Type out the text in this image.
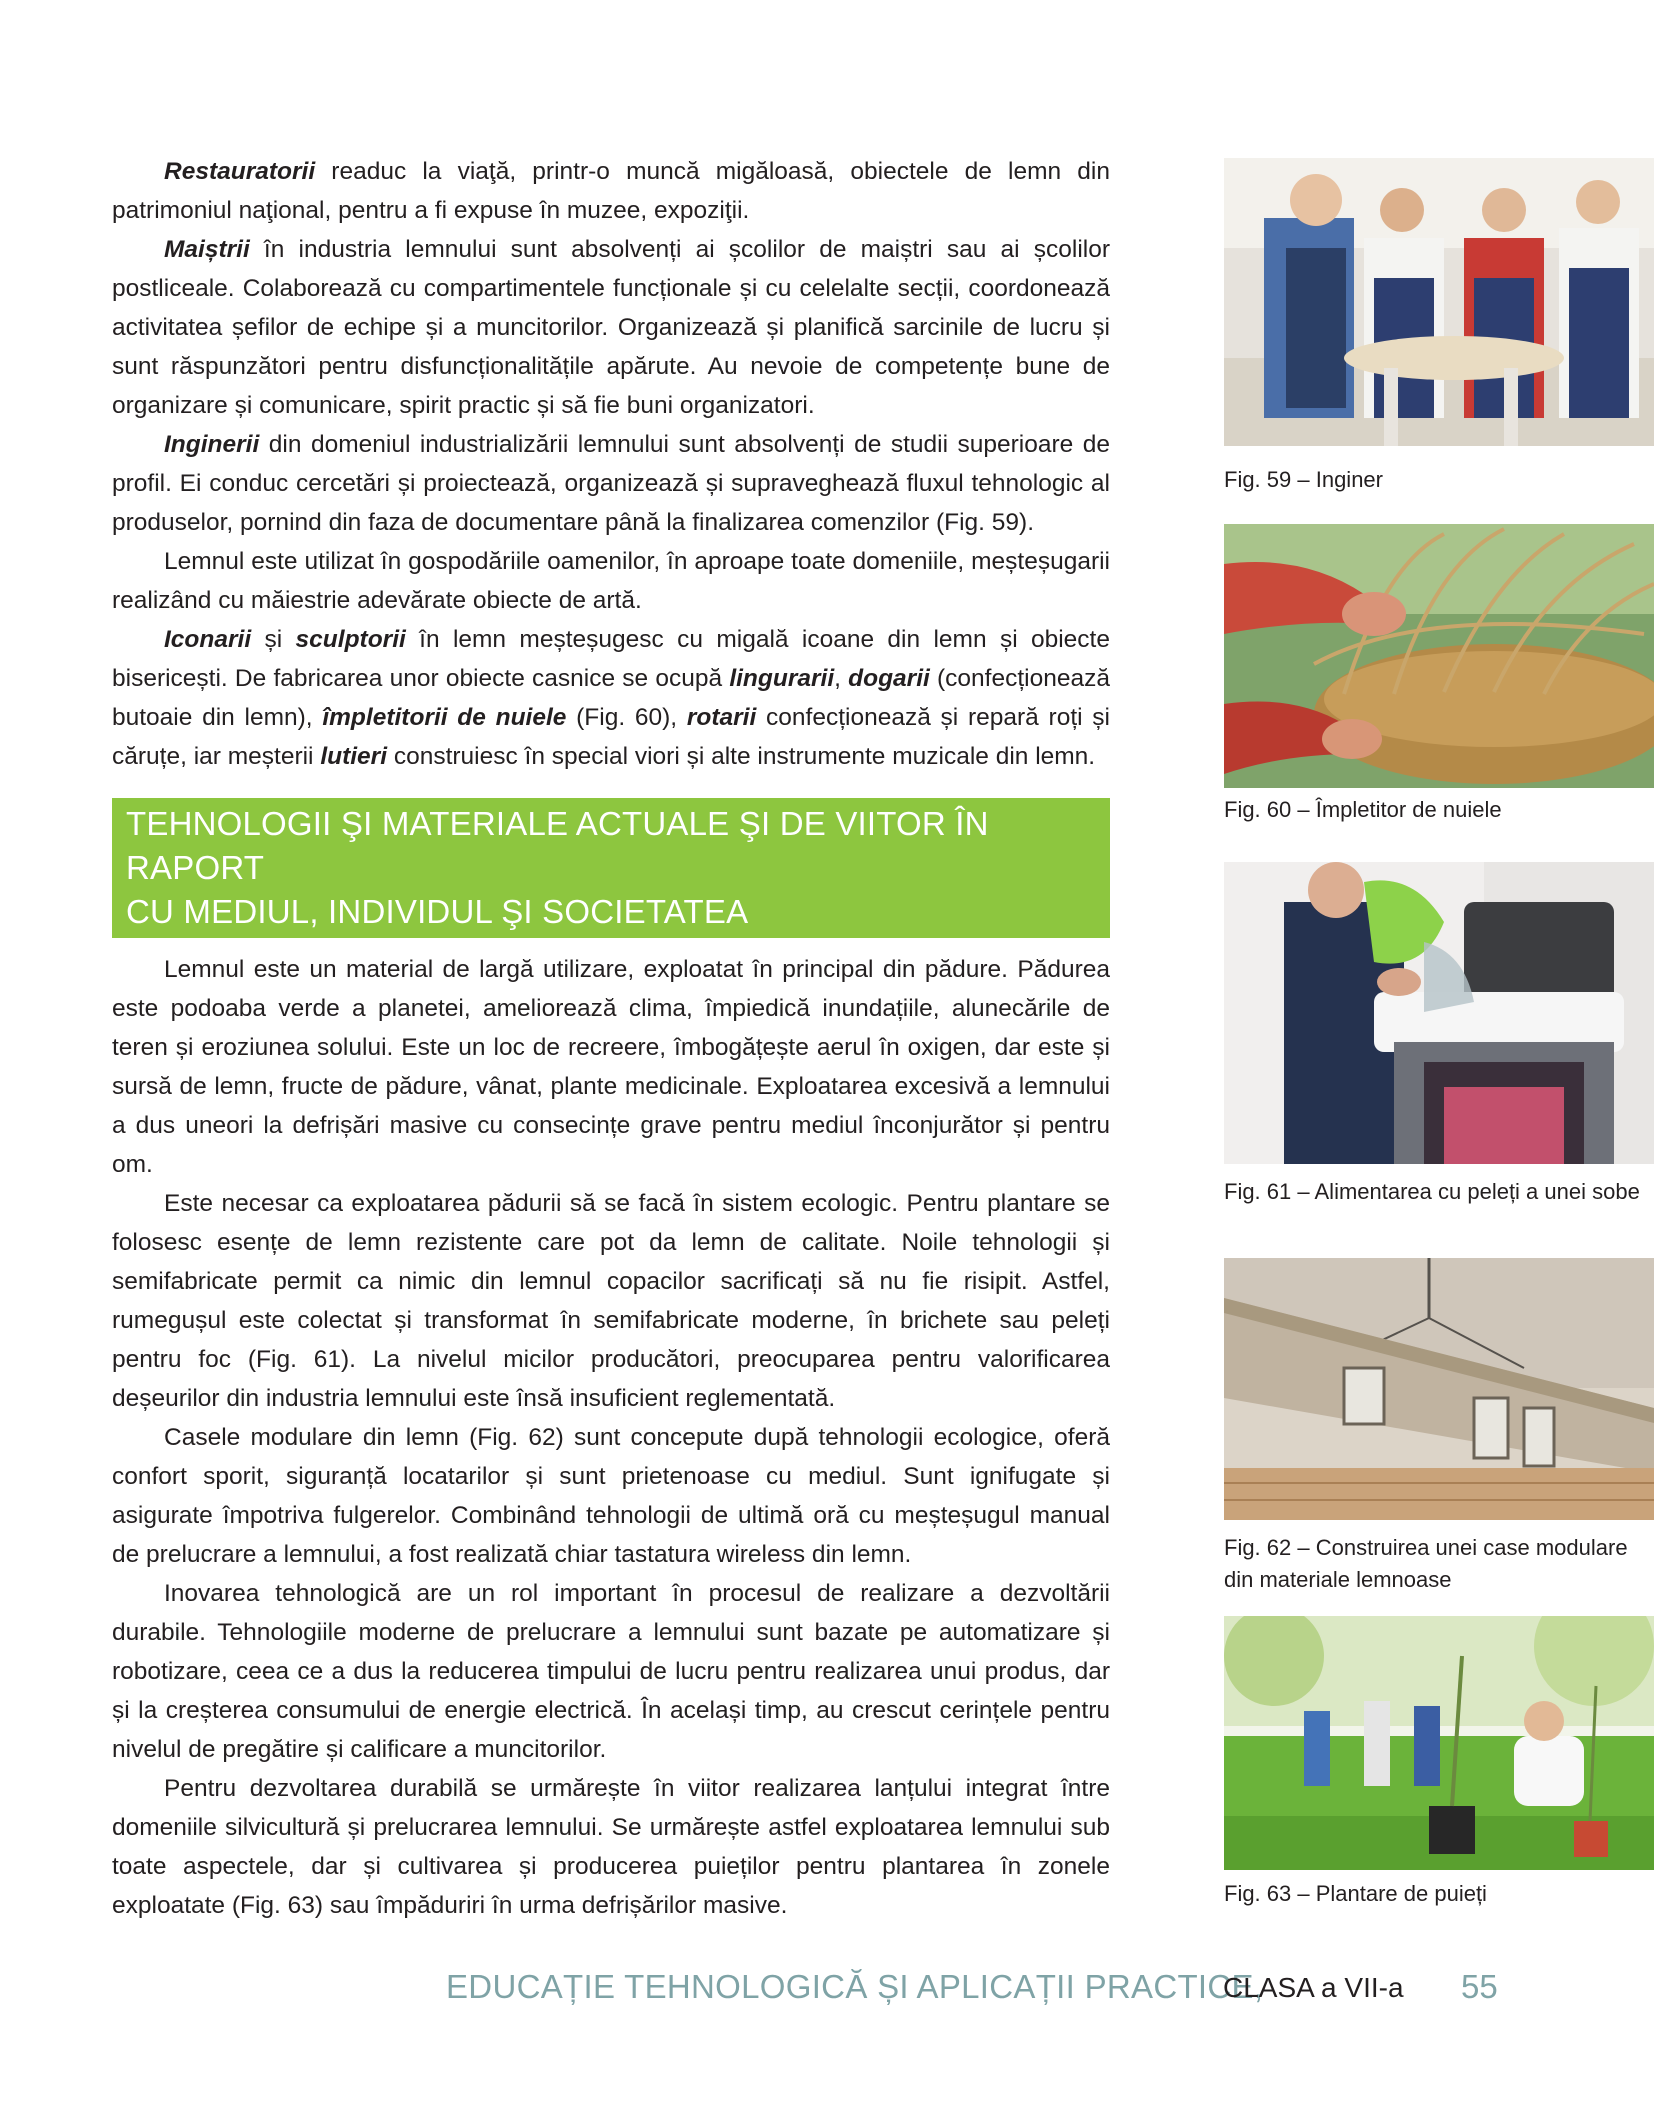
Restauratorii readuc la viaţă, printr-o muncă migăloasă, obiectele de lemn din patrimoniul naţional, pentru a fi expuse în muzee, expoziţii.

Maiștrii în industria lemnului sunt absolvenți ai școlilor de maiștri sau ai școlilor postliceale. Colaborează cu compartimentele funcționale și cu celelalte secții, coordonează activitatea șefilor de echipe și a muncitorilor. Organizează și planifică sarcinile de lucru și sunt răspunzători pentru disfuncționalitățile apărute. Au nevoie de competențe bune de organizare și comunicare, spirit practic și să fie buni organizatori.

Inginerii din domeniul industrializării lemnului sunt absolvenți de studii superioare de profil. Ei conduc cercetări și proiectează, organizează și supraveghează fluxul tehnologic al produselor, pornind din faza de documentare până la finalizarea comenzilor (Fig. 59).

Lemnul este utilizat în gospodăriile oamenilor, în aproape toate domeniile, meșteșugarii realizând cu măiestrie adevărate obiecte de artă.

Iconarii și sculptorii în lemn meșteșugesc cu migală icoane din lemn și obiecte bisericești. De fabricarea unor obiecte casnice se ocupă lingurarii, dogarii (confecționează butoaie din lemn), împletitorii de nuiele (Fig. 60), rotarii confecționează și repară roți și căruțe, iar meșterii lutieri construiesc în special viori și alte instrumente muzicale din lemn.

TEHNOLOGII ŞI MATERIALE ACTUALE ŞI DE VIITOR ÎN RAPORT
CU MEDIUL, INDIVIDUL ŞI SOCIETATEA

Lemnul este un material de largă utilizare, exploatat în principal din pădure. Pădurea este podoaba verde a planetei, ameliorează clima, împiedică inundațiile, alunecările de teren și eroziunea solului. Este un loc de recreere, îmbogățește aerul în oxigen, dar este și sursă de lemn, fructe de pădure, vânat, plante medicinale. Exploatarea excesivă a lemnului a dus uneori la defrișări masive cu consecințe grave pentru mediul înconjurător și pentru om.

Este necesar ca exploatarea pădurii să se facă în sistem ecologic. Pentru plantare se folosesc esențe de lemn rezistente care pot da lemn de calitate. Noile tehnologii și semifabricate permit ca nimic din lemnul copacilor sacrificați să nu fie risipit. Astfel, rumegușul este colectat și transformat în semifabricate moderne, în brichete sau peleți pentru foc (Fig. 61). La nivelul micilor producători, preocuparea pentru valorificarea deșeurilor din industria lemnului este însă insuficient reglementată.

Casele modulare din lemn (Fig. 62) sunt concepute după tehnologii ecologice, oferă confort sporit, siguranță locatarilor și sunt prietenoase cu mediul. Sunt ignifugate și asigurate împotriva fulgerelor. Combinând tehnologii de ultimă oră cu meșteșugul manual de prelucrare a lemnului, a fost realizată chiar tastatura wireless din lemn.

Inovarea tehnologică are un rol important în procesul de realizare a dezvoltării durabile. Tehnologiile moderne de prelucrare a lemnului sunt bazate pe automatizare și robotizare, ceea ce a dus la reducerea timpului de lucru pentru realizarea unui produs, dar și la creșterea consumului de energie electrică. În același timp, au crescut cerințele pentru nivelul de pregătire și calificare a muncitorilor.

Pentru dezvoltarea durabilă se urmărește în viitor realizarea lanțului integrat între domeniile silvicultură și prelucrarea lemnului. Se urmărește astfel exploatarea lemnului sub toate aspectele, dar și cultivarea și producerea puieților pentru plantarea în zonele exploatate (Fig. 63) sau împăduriri în urma defrișărilor masive.

Fig. 59 – Inginer
Fig. 60 – Împletitor de nuiele
Fig. 61 – Alimentarea cu peleți a unei sobe
Fig. 62 – Construirea unei case modulare din materiale lemnoase
Fig. 63 – Plantare de puieți
EDUCAȚIE TEHNOLOGICĂ ȘI APLICAȚII PRACTICE,
CLASA a VII-a 55
